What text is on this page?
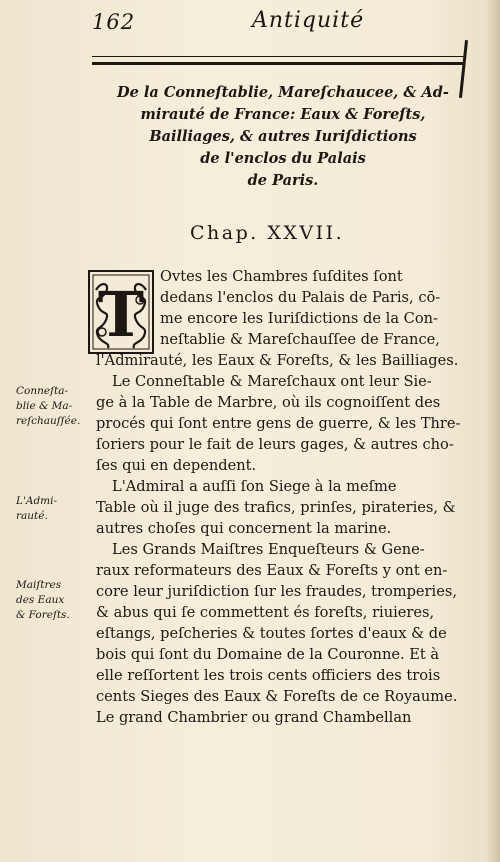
162	Antiquité
De la Conneſtablie, Mareſchaucee, & Ad-
mirauté de France: Eaux & Foreſts,
Bailliages, & autres Iuriſdictions
de l'enclos du Palais
de Paris.
Chap. XXVII.
T
Ovtes les Chambres ſuſdites ſont
dedans l'enclos du Palais de Paris, cō-
me encore les Iuriſdictions de la Con-
neſtablie & Mareſchauſſee de France,
l'Admirauté, les Eaux & Foreſts, & les Bailliages.
Le Conneſtable & Mareſchaux ont leur Sie-
ge à la Table de Marbre, où ils cognoiſſent des
procés qui ſont entre gens de guerre, & les Thre-
ſoriers pour le fait de leurs gages, & autres cho-
ſes qui en dependent.
L'Admiral a auſſi ſon Siege à la meſme
Table où il juge des trafics, prinſes, pirateries, &
autres choſes qui concernent la marine.
Les Grands Maiſtres Enqueſteurs & Gene-
raux reformateurs des Eaux & Foreſts y ont en-
core leur juriſdiction ſur les fraudes, tromperies,
& abus qui ſe commettent és foreſts, riuieres,
eſtangs, peſcheries & toutes ſortes d'eaux & de
bois qui ſont du Domaine de la Couronne. Et à
elle reſſortent les trois cents officiers des trois
cents Sieges des Eaux & Foreſts de ce Royaume.
Le grand Chambrier ou grand Chambellan
Conneſta-
blie & Ma-
reſchauſſée.
L'Admi-
rauté.
Maiſtres
des Eaux
& Foreſts.
